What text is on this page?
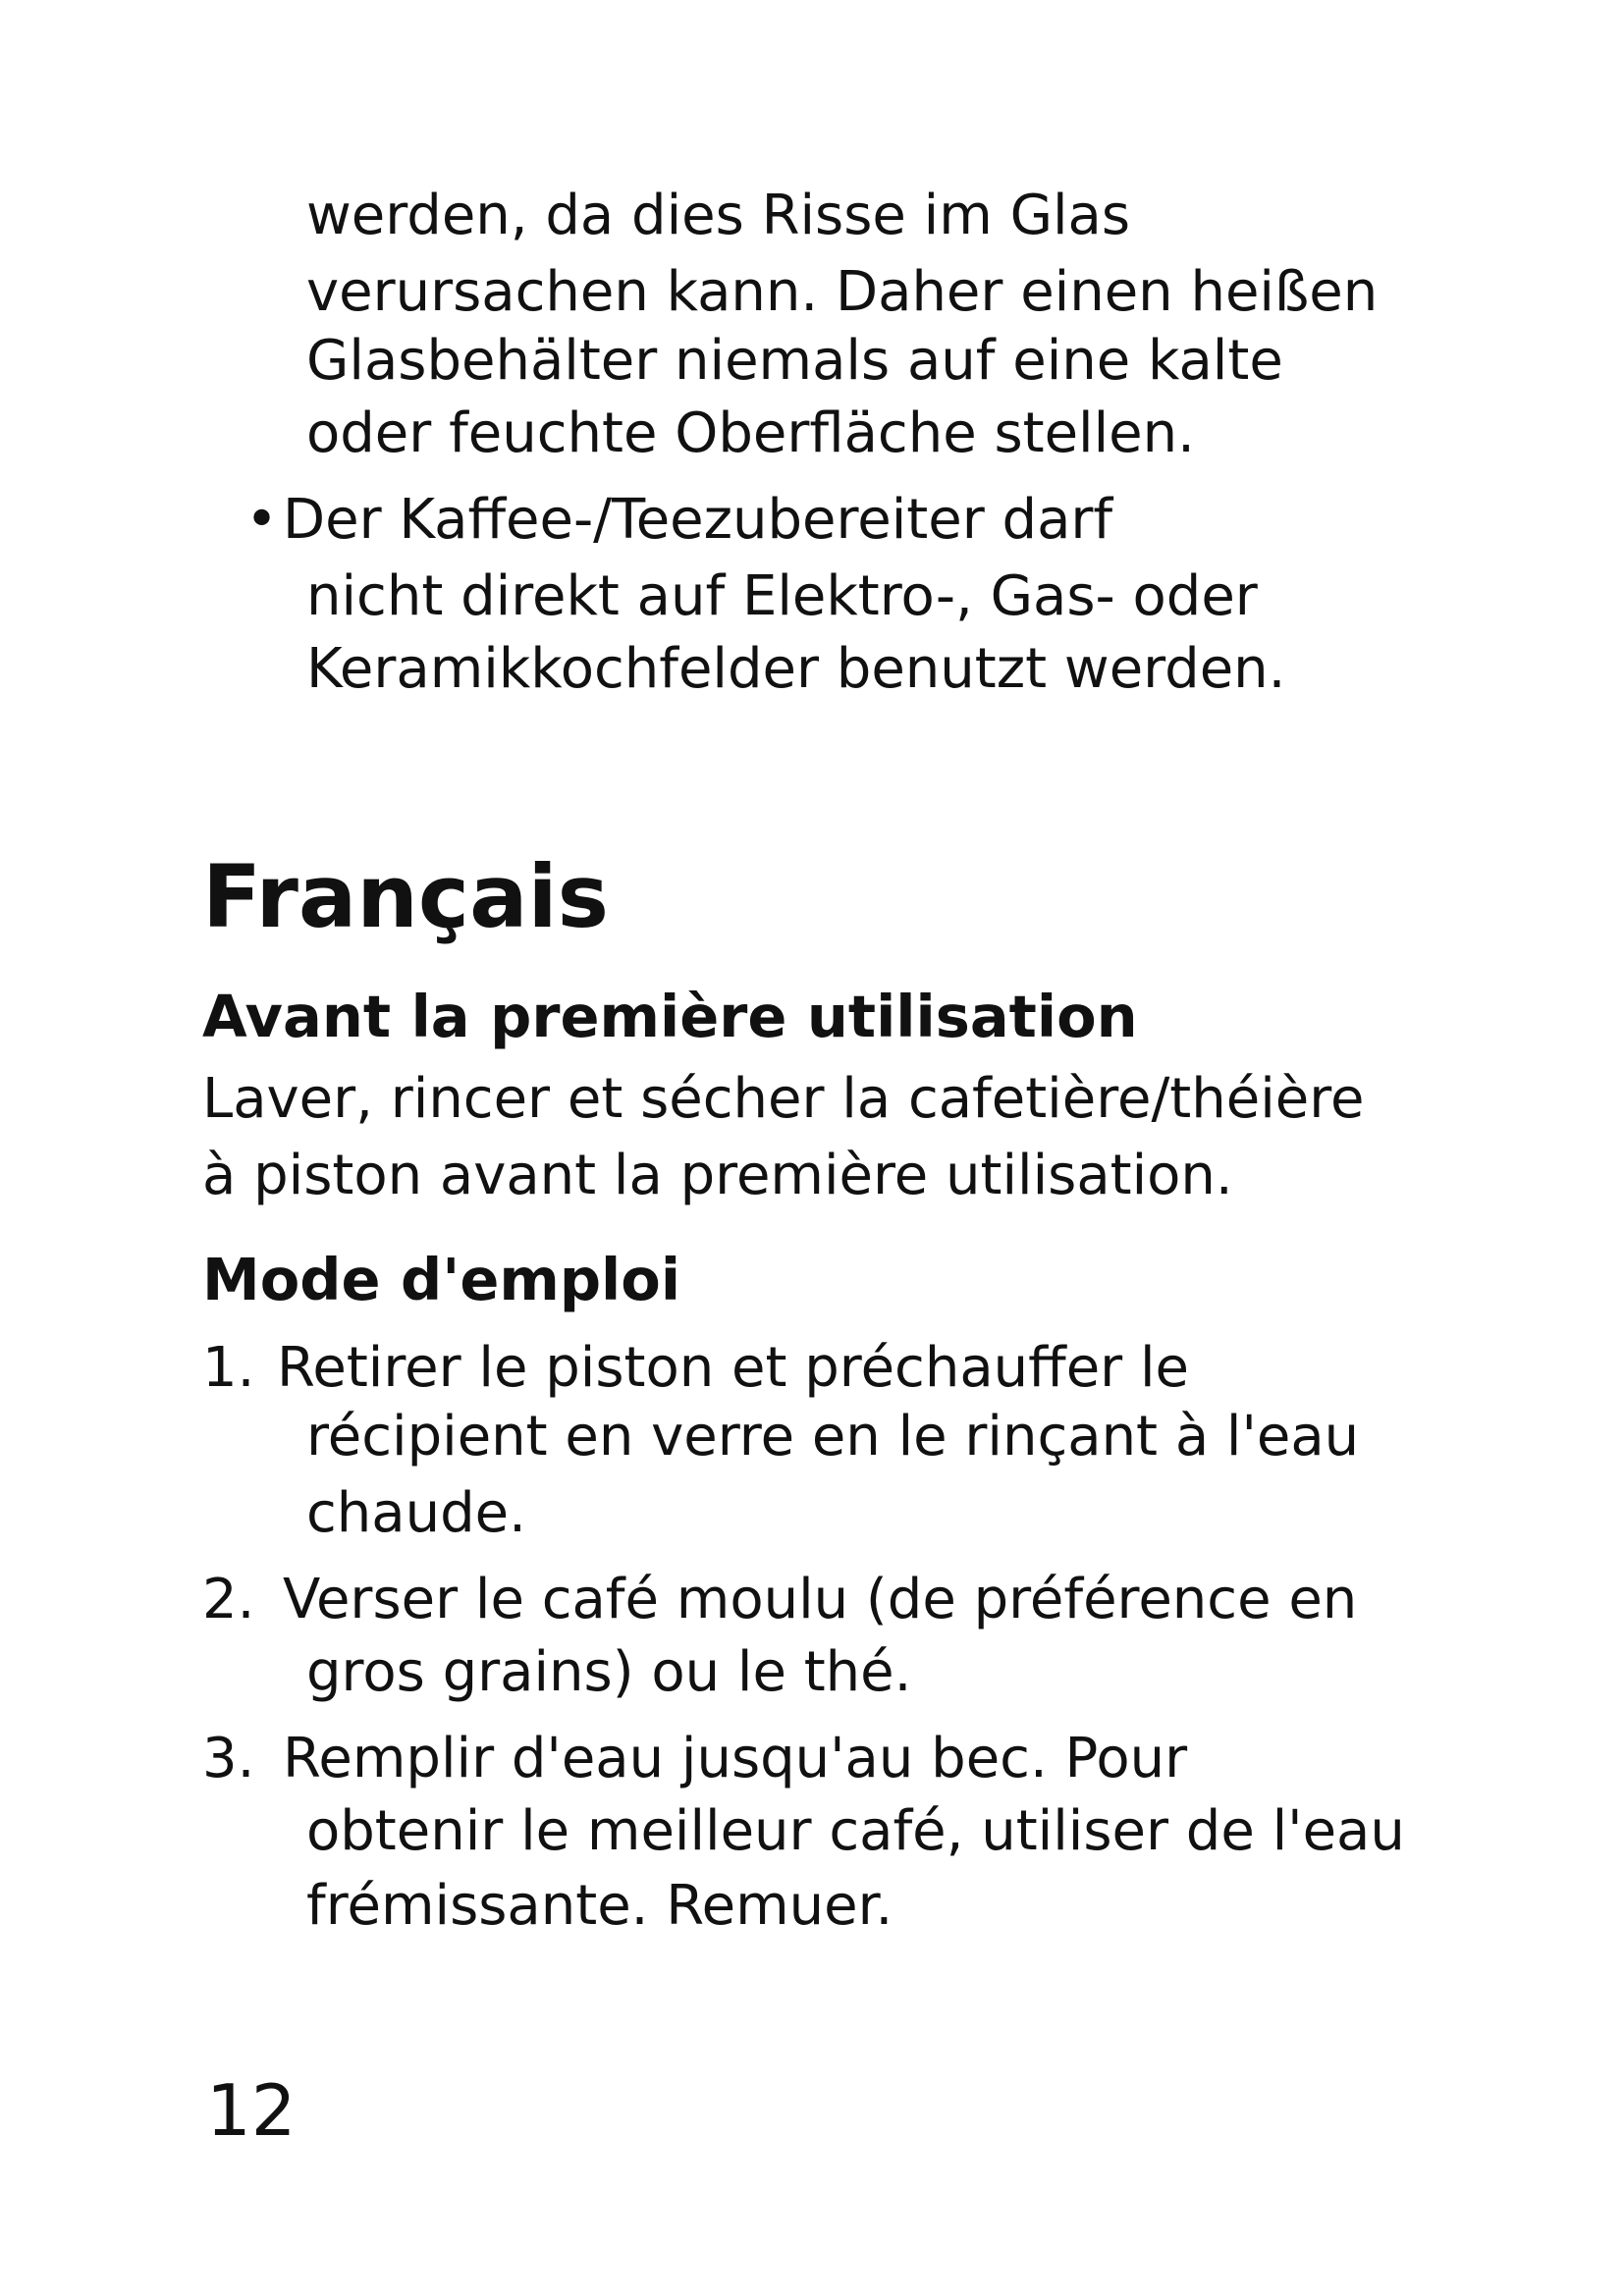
werden, da dies Risse im Glas
verursachen kann. Daher einen heißen
Glasbehälter niemals auf eine kalte
oder feuchte Oberfläche stellen.
• Der Kaffee-/Teezubereiter darf
nicht direkt auf Elektro-, Gas- oder
Keramikkochfelder benutzt werden.
Français
Avant la première utilisation
Laver, rincer et sécher la cafetière/théière
à piston avant la première utilisation.
Mode d'emploi
1. Retirer le piston et préchauffer le
récipient en verre en le rinçant à l'eau
chaude.
2. Verser le café moulu (de préférence en
gros grains) ou le thé.
3. Remplir d'eau jusqu'au bec. Pour
obtenir le meilleur café, utiliser de l'eau
frémissante. Remuer.
12
